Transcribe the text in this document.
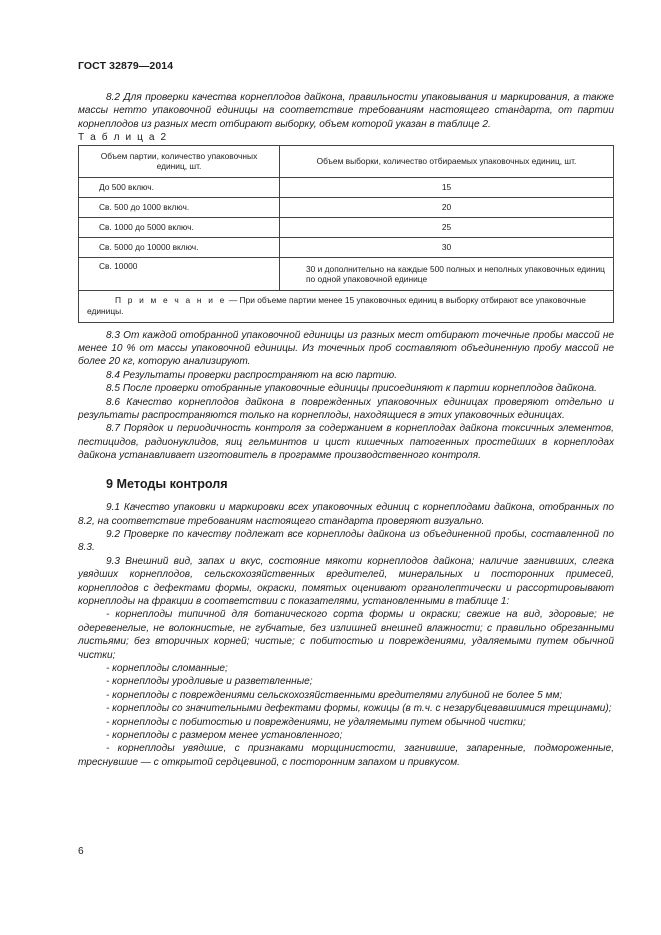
ГОСТ 32879—2014

8.2 Для проверки качества корнеплодов дайкона, правильности упаковывания и маркирования, а также массы нетто упаковочной единицы на соответствие требованиям настоящего стандарта, от партии корнеплодов из разных мест отбирают выборку, объем которой указан в таблице 2.

Т а б л и ц а 2

Объем партии, количество упаковочных единиц, шт.	Объем выборки, количество отбираемых упаковочных единиц, шт.
До 500 включ.	15
Св. 500 до 1000 включ.	20
Св. 1000 до 5000 включ.	25
Св. 5000 до 10000 включ.	30
Св. 10000	30 и дополнительно на каждые 500 полных и неполных упаковочных единиц по одной упаковочной единице

П р и м е ч а н и е — При объеме партии менее 15 упаковочных единиц в выборку отбирают все упаковочные единицы.	

8.3 От каждой отобранной упаковочной единицы из разных мест отбирают точечные пробы массой не менее 10 % от массы упаковочной единицы. Из точечных проб составляют объединенную пробу массой не более 20 кг, которую анализируют.

8.4 Результаты проверки распространяют на всю партию.

8.5 После проверки отобранные упаковочные единицы присоединяют к партии корнеплодов дайкона.

8.6 Качество корнеплодов дайкона в поврежденных упаковочных единицах проверяют отдельно и результаты распространяются только на корнеплоды, находящиеся в этих упаковочных единицах.

8.7 Порядок и периодичность контроля за содержанием в корнеплодах дайкона токсичных элементов, пестицидов, радионуклидов, яиц гельминтов и цист кишечных патогенных простейших в корнеплодах дайкона устанавливает изготовитель в программе производственного контроля.

9 Методы контроля

9.1 Качество упаковки и маркировки всех упаковочных единиц с корнеплодами дайкона, отобранных по 8.2, на соответствие требованиям настоящего стандарта проверяют визуально.

9.2 Проверке по качеству подлежат все корнеплоды дайкона из объединенной пробы, составленной по 8.3.

9.3 Внешний вид, запах и вкус, состояние мякоти корнеплодов дайкона; наличие загнивших, слегка увядших корнеплодов, сельскохозяйственных вредителей, минеральных и посторонних примесей, корнеплодов с дефектами формы, окраски, помятых оценивают органолептически и рассортировывают корнеплоды на фракции в соответствии с показателями, установленными в таблице 1:

- корнеплоды типичной для ботанического сорта формы и окраски; свежие на вид, здоровые; не одеревенелые, не волокнистые, не губчатые, без излишней внешней влажности; с правильно обрезанными листьями; без вторичных корней; чистые; с побитостью и повреждениями, удаляемыми путем обычной чистки;

- корнеплоды сломанные;

- корнеплоды уродливые и разветвленные;

- корнеплоды с повреждениями сельскохозяйственными вредителями глубиной не более 5 мм;

- корнеплоды со значительными дефектами формы, кожицы (в т.ч. с незарубцевавшимися трещинами);

- корнеплоды с побитостью и повреждениями, не удаляемыми путем обычной чистки;

- корнеплоды с размером менее установленного;

- корнеплоды увядшие, с признаками морщинистости, загнившие, запаренные, подмороженные, треснувшие — с открытой сердцевиной, с посторонним запахом и привкусом.

6
